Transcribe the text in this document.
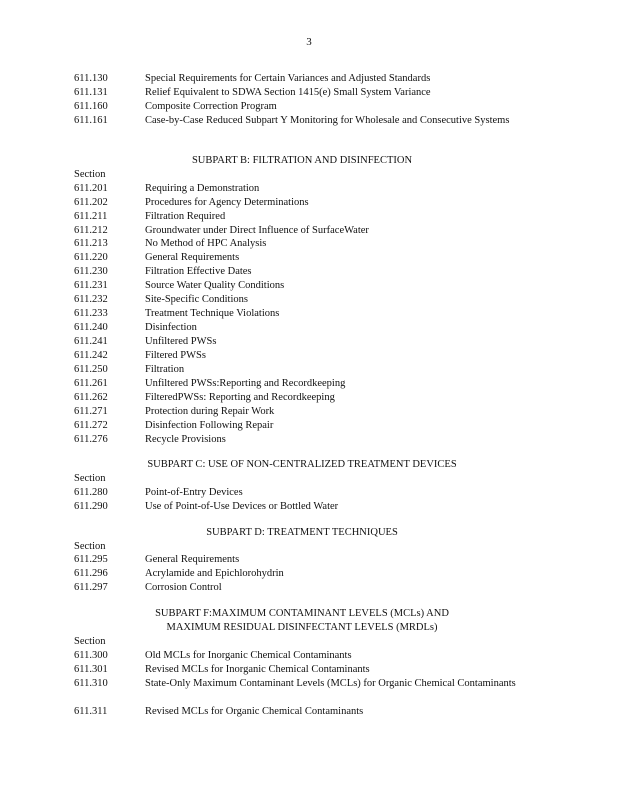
3
611.130	Special Requirements for Certain Variances and Adjusted Standards
611.131	Relief Equivalent to SDWA Section 1415(e) Small System Variance
611.160	Composite Correction Program
611.161	Case-by-Case Reduced Subpart Y Monitoring for Wholesale and Consecutive Systems
SUBPART B: FILTRATION AND DISINFECTION
Section
611.201	Requiring a Demonstration
611.202	Procedures for Agency Determinations
611.211	Filtration Required
611.212	Groundwater under Direct Influence of SurfaceWater
611.213	No Method of HPC Analysis
611.220	General Requirements
611.230	Filtration Effective Dates
611.231	Source Water Quality Conditions
611.232	Site-Specific Conditions
611.233	Treatment Technique Violations
611.240	Disinfection
611.241	Unfiltered PWSs
611.242	Filtered PWSs
611.250	Filtration
611.261	Unfiltered PWSs:Reporting and Recordkeeping
611.262	FilteredPWSs: Reporting and Recordkeeping
611.271	Protection during Repair Work
611.272	Disinfection Following Repair
611.276	Recycle Provisions
SUBPART C: USE OF NON-CENTRALIZED TREATMENT DEVICES
Section
611.280	Point-of-Entry Devices
611.290	Use of Point-of-Use Devices or Bottled Water
SUBPART D: TREATMENT TECHNIQUES
Section
611.295	General Requirements
611.296	Acrylamide and Epichlorohydrin
611.297	Corrosion Control
SUBPART F:MAXIMUM CONTAMINANT LEVELS (MCLs) AND
MAXIMUM RESIDUAL DISINFECTANT LEVELS (MRDLs)
Section
611.300	Old MCLs for Inorganic Chemical Contaminants
611.301	Revised MCLs for Inorganic Chemical Contaminants
611.310	State-Only Maximum Contaminant Levels (MCLs) for Organic Chemical Contaminants
611.311	Revised MCLs for Organic Chemical Contaminants
